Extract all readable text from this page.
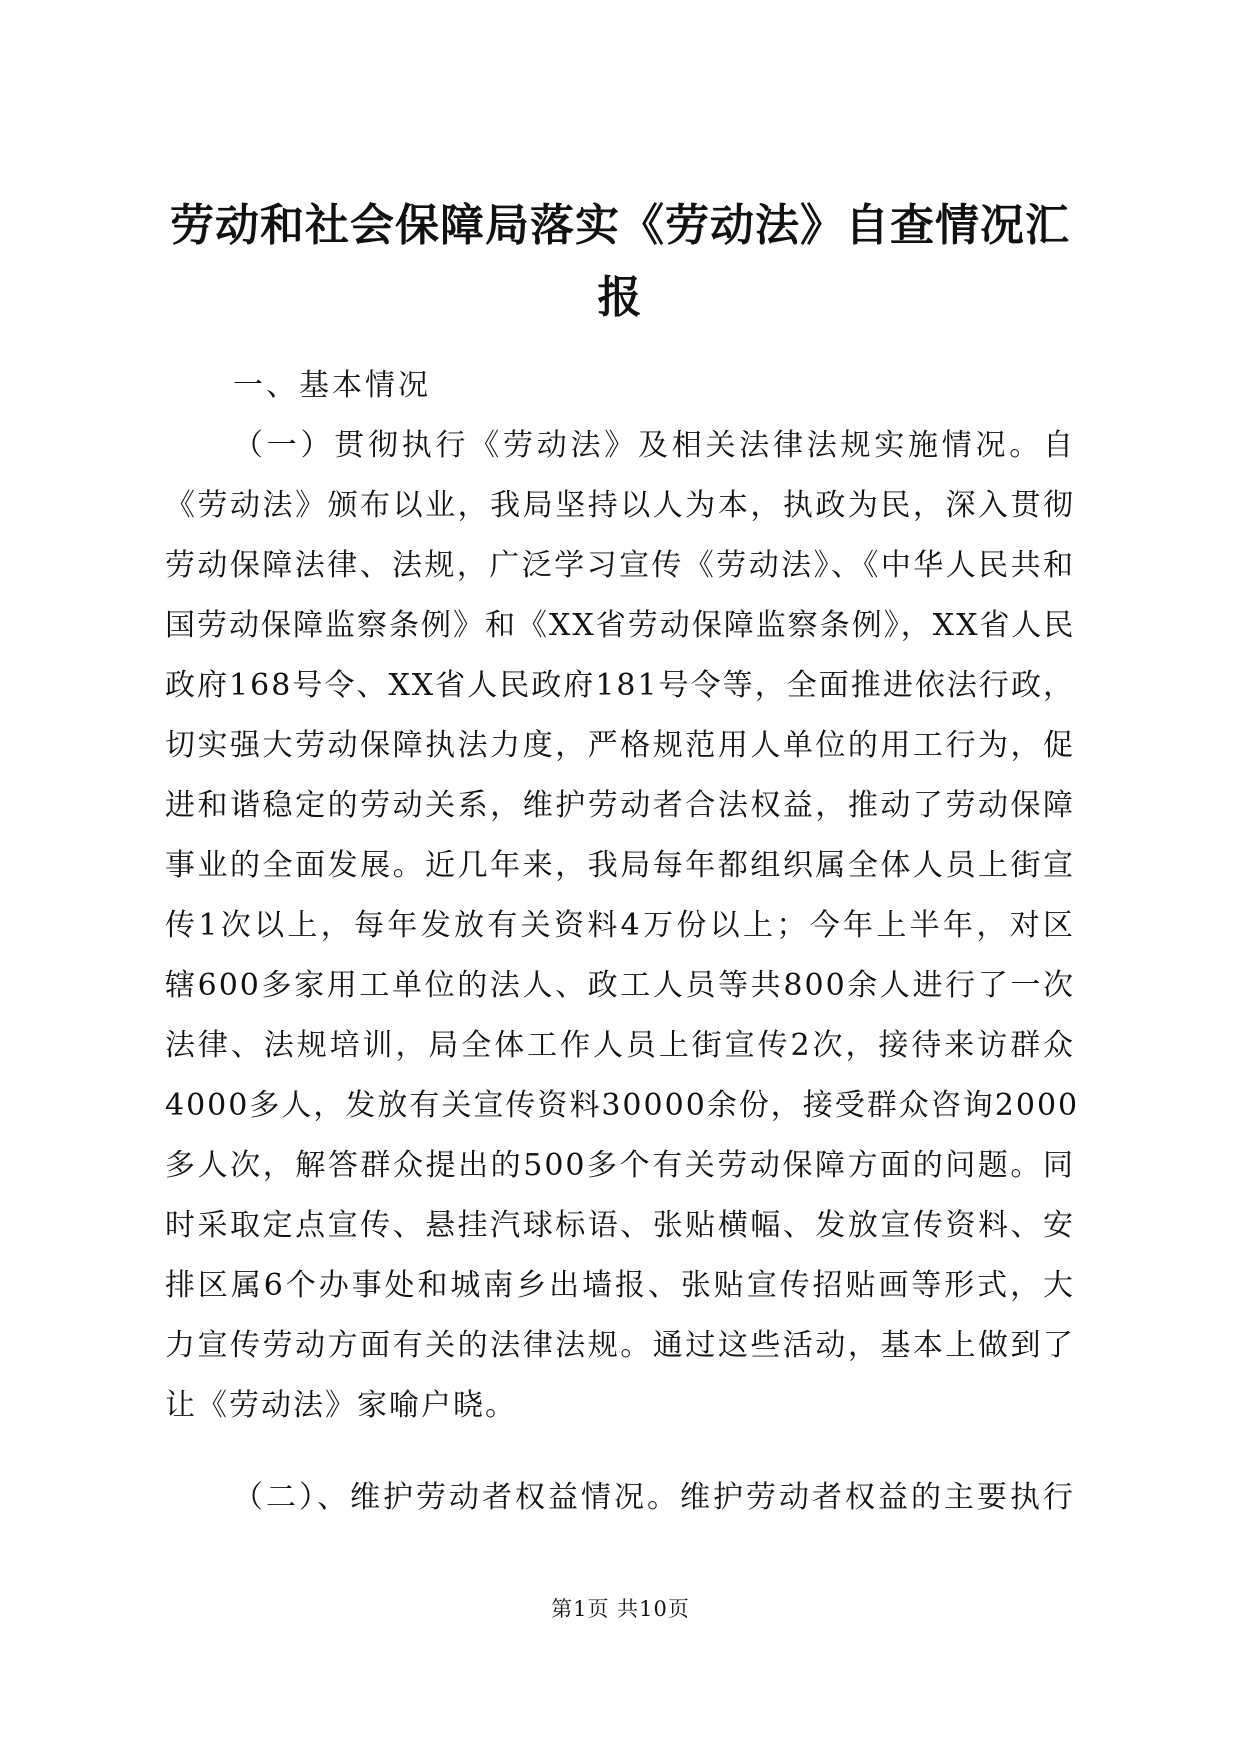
劳动和社会保障局落实《劳动法》自查情况汇报

一、基本情况

（一）贯彻执行《劳动法》及相关法律法规实施情况。自
《劳动法》颁布以业，我局坚持以人为本，执政为民，深入贯彻
劳动保障法律、法规，广泛学习宣传《劳动法》、《中华人民共和
国劳动保障监察条例》和《XX省劳动保障监察条例》，XX省人民
政府168号令、XX省人民政府181号令等，全面推进依法行政，
切实强大劳动保障执法力度，严格规范用人单位的用工行为，促
进和谐稳定的劳动关系，维护劳动者合法权益，推动了劳动保障
事业的全面发展。近几年来，我局每年都组织属全体人员上街宣
传1次以上，每年发放有关资料4万份以上；今年上半年，对区
辖600多家用工单位的法人、政工人员等共800余人进行了一次
法律、法规培训，局全体工作人员上街宣传2次，接待来访群众
4000多人，发放有关宣传资料30000余份，接受群众咨询2000
多人次，解答群众提出的500多个有关劳动保障方面的问题。同
时采取定点宣传、悬挂汽球标语、张贴横幅、发放宣传资料、安
排区属6个办事处和城南乡出墙报、张贴宣传招贴画等形式，大
力宣传劳动方面有关的法律法规。通过这些活动，基本上做到了
让《劳动法》家喻户晓。

（二）、维护劳动者权益情况。维护劳动者权益的主要执行

第1页 共10页
